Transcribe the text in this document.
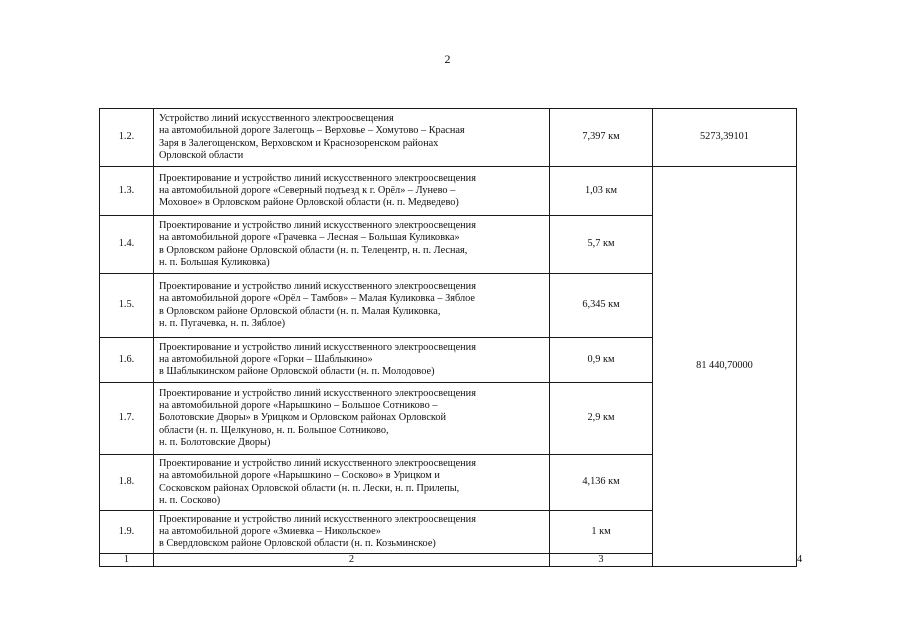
2
1.2.	Устройство линий искусственного электроосвещения
на автомобильной дороге Залегощь – Верховье – Хомутово – Красная
Заря в Залегощенском, Верховском и Краснозоренском районах
Орловской области	7,397 км	5273,39101	
1.3.	Проектирование и устройство линий искусственного электроосвещения
на автомобильной дороге «Северный подъезд к г. Орёл» – Лунево –
Моховое» в Орловском районе Орловской области (н. п. Медведево)	1,03 км	81 440,70000	
1.4.	Проектирование и устройство линий искусственного электроосвещения
на автомобильной дороге «Грачевка – Лесная – Большая Куликовка»
в Орловском районе Орловской области (н. п. Телецентр, н. п. Лесная,
н. п. Большая Куликовка)	5,7 км		
1.5.	Проектирование и устройство линий искусственного электроосвещения
на автомобильной дороге «Орёл – Тамбов» – Малая Куликовка – Зяблое
в Орловском районе Орловской области (н. п. Малая Куликовка,
н. п. Пугачевка, н. п. Зяблое)	6,345 км		
1.6.	Проектирование и устройство линий искусственного электроосвещения
на автомобильной дороге «Горки – Шаблыкино»
в Шаблыкинском районе Орловской области (н. п. Молодовое)	0,9 км		
1.7.	Проектирование и устройство линий искусственного электроосвещения
на автомобильной дороге «Нарышкино – Большое Сотниково –
Болотовские Дворы» в Урицком и Орловском районах Орловской
области (н. п. Щелкуново, н. п. Большое Сотниково,
н. п. Болотовские Дворы)	2,9 км		
1.8.	Проектирование и устройство линий искусственного электроосвещения
на автомобильной дороге «Нарышкино – Сосково» в Урицком и
Сосковском районах Орловской области (н. п. Лески, н. п. Прилепы,
н. п. Сосково)	4,136 км		
1.9.	Проектирование и устройство линий искусственного электроосвещения
на автомобильной дороге «Змиевка – Никольское»
в Свердловском районе Орловской области (н. п. Козьминское)	1 км		
1	2	3		4
